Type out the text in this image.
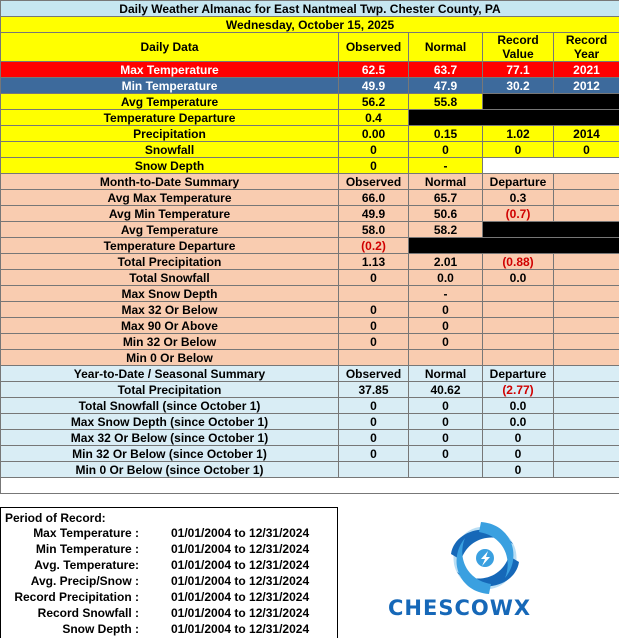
Daily Weather Almanac for East Nantmeal Twp. Chester County, PA				
Wednesday, October 15, 2025				
Daily Data	Observed	Normal	Record Value	Record Year
Max Temperature	62.5	63.7	77.1	2021
Min Temperature	49.9	47.9	30.2	2012
Avg Temperature	56.2	55.8		
Temperature Departure	0.4			
Precipitation	0.00	0.15	1.02	2014
Snowfall	0	0	0	0
Snow Depth	0	-		
Month-to-Date Summary	Observed	Normal	Departure	
Avg Max Temperature	66.0	65.7	0.3	
Avg Min Temperature	49.9	50.6	(0.7)	
Avg Temperature	58.0	58.2		
Temperature Departure	(0.2)			
Total Precipitation	1.13	2.01	(0.88)	
Total Snowfall	0	0.0	0.0	
Max Snow Depth		-		
Max 32 Or Below	0	0		
Max 90 Or Above	0	0		
Min 32 Or Below	0	0		
Min 0 Or Below				
Year-to-Date / Seasonal Summary	Observed	Normal	Departure	
Total Precipitation	37.85	40.62	(2.77)	
Total Snowfall (since October 1)	0	0	0.0	
Max Snow Depth (since October 1)	0	0	0.0	
Max 32 Or Below (since October 1)	0	0	0	
Min 32 Or Below (since October 1)	0	0	0	
Min 0 Or Below (since October 1)			0	

Period of Record:
Max Temperature :	01/01/2004 to 12/31/2024
Min Temperature :	01/01/2004 to 12/31/2024
Avg. Temperature:	01/01/2004 to 12/31/2024
Avg. Precip/Snow :	01/01/2004 to 12/31/2024
Record Precipitation :	01/01/2004 to 12/31/2024
Record Snowfall :	01/01/2004 to 12/31/2024
Snow Depth :	01/01/2004 to 12/31/2024
CHESCOWX
